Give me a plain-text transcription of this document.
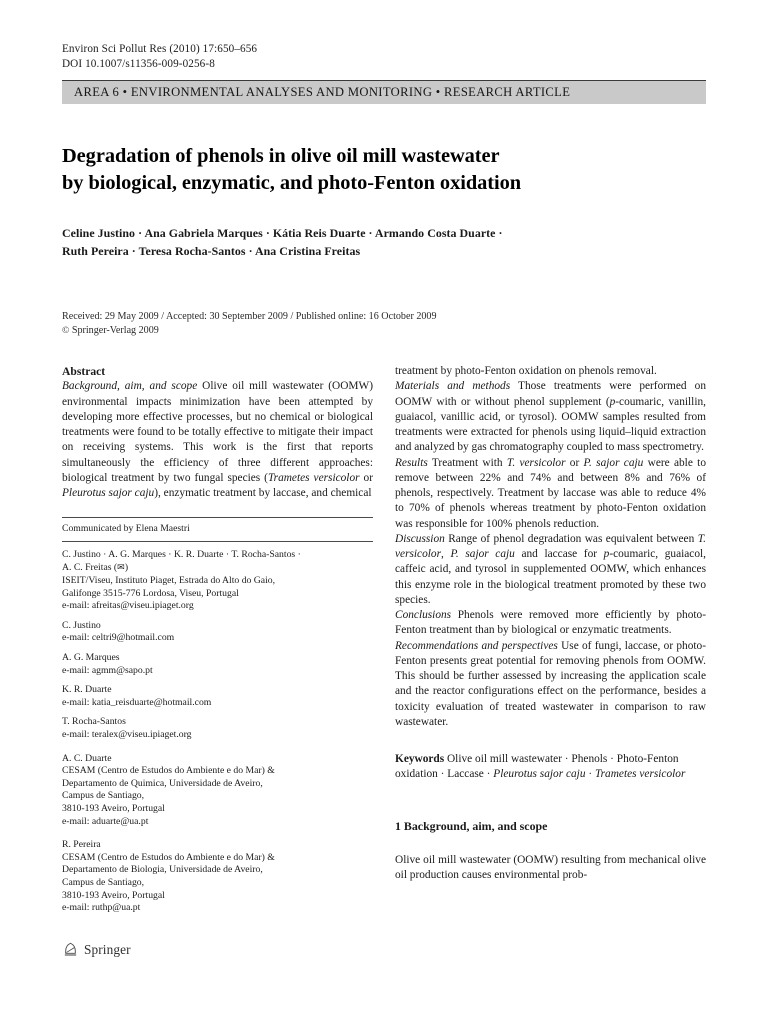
Environ Sci Pollut Res (2010) 17:650–656
DOI 10.1007/s11356-009-0256-8
AREA 6 • ENVIRONMENTAL ANALYSES AND MONITORING • RESEARCH ARTICLE
Degradation of phenols in olive oil mill wastewater
by biological, enzymatic, and photo-Fenton oxidation
Celine Justino · Ana Gabriela Marques · Kátia Reis Duarte · Armando Costa Duarte ·
Ruth Pereira · Teresa Rocha-Santos · Ana Cristina Freitas
Received: 29 May 2009 / Accepted: 30 September 2009 / Published online: 16 October 2009
© Springer-Verlag 2009
Abstract
Background, aim, and scope Olive oil mill wastewater (OOMW) environmental impacts minimization have been attempted by developing more effective processes, but no chemical or biological treatments were found to be totally effective to mitigate their impact on receiving systems. This work is the first that reports simultaneously the efficiency of three different approaches: biological treatment by two fungal species (Trametes versicolor or Pleurotus sajor caju), enzymatic treatment by laccase, and chemical
Communicated by Elena Maestri
C. Justino · A. G. Marques · K. R. Duarte · T. Rocha-Santos ·
A. C. Freitas (✉)
ISEIT/Viseu, Instituto Piaget, Estrada do Alto do Gaio,
Galifonge 3515-776 Lordosa, Viseu, Portugal
e-mail: afreitas@viseu.ipiaget.org
C. Justino
e-mail: celtri9@hotmail.com
A. G. Marques
e-mail: agmm@sapo.pt
K. R. Duarte
e-mail: katia_reisduarte@hotmail.com
T. Rocha-Santos
e-mail: teralex@viseu.ipiaget.org
A. C. Duarte
CESAM (Centro de Estudos do Ambiente e do Mar) &
Departamento de Quimica, Universidade de Aveiro,
Campus de Santiago,
3810-193 Aveiro, Portugal
e-mail: aduarte@ua.pt
R. Pereira
CESAM (Centro de Estudos do Ambiente e do Mar) &
Departamento de Biologia, Universidade de Aveiro,
Campus de Santiago,
3810-193 Aveiro, Portugal
e-mail: ruthp@ua.pt
treatment by photo-Fenton oxidation on phenols removal.
Materials and methods Those treatments were performed on OOMW with or without phenol supplement (p-coumaric, vanillin, guaiacol, vanillic acid, or tyrosol). OOMW samples resulted from treatments were extracted for phenols using liquid–liquid extraction and analyzed by gas chromatography coupled to mass spectrometry.
Results Treatment with T. versicolor or P. sajor caju were able to remove between 22% and 74% and between 8% and 76% of phenols, respectively. Treatment by laccase was able to reduce 4% to 70% of phenols whereas treatment by photo-Fenton oxidation was responsible for 100% phenols reduction.
Discussion Range of phenol degradation was equivalent between T. versicolor, P. sajor caju and laccase for p-coumaric, guaiacol, caffeic acid, and tyrosol in supplemented OOMW, which enhances this enzyme role in the biological treatment promoted by these two species.
Conclusions Phenols were removed more efficiently by photo-Fenton treatment than by biological or enzymatic treatments.
Recommendations and perspectives Use of fungi, laccase, or photo-Fenton presents great potential for removing phenols from OOMW. This should be further assessed by increasing the application scale and the reactor configurations effect on the performance, besides a toxicity evaluation of treated wastewater in comparison to raw wastewater.
Keywords Olive oil mill wastewater · Phenols · Photo-Fenton oxidation · Laccase · Pleurotus sajor caju · Trametes versicolor
1 Background, aim, and scope
Olive oil mill wastewater (OOMW) resulting from mechanical olive oil production causes environmental prob-
Springer
